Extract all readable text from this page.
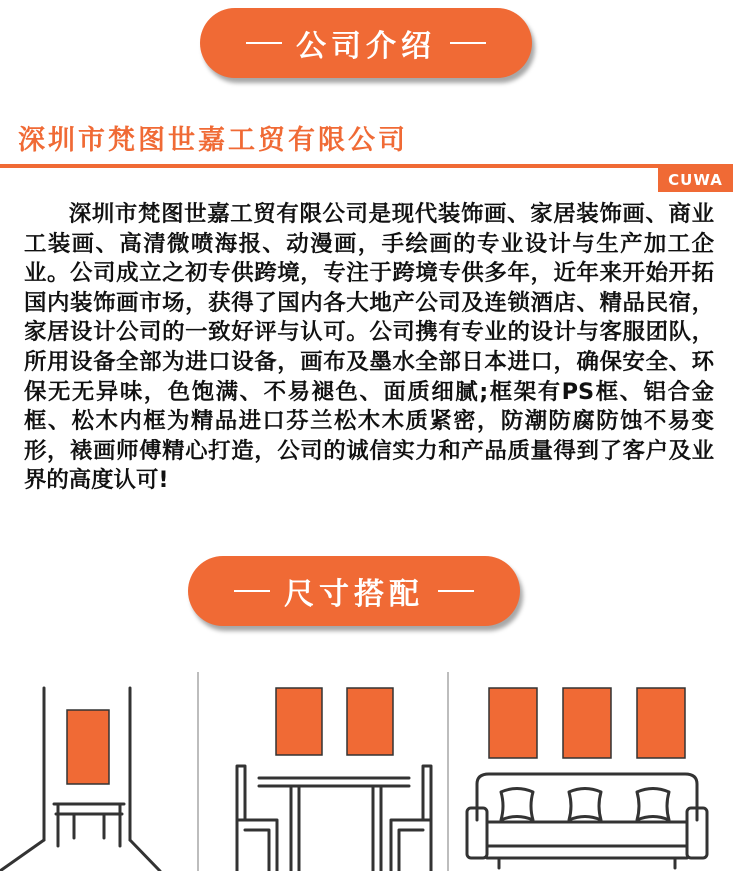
公司介绍
深圳市梵图世嘉工贸有限公司
CUWA

深圳市梵图世嘉工贸有限公司是现代装饰画、家居装饰画、商业工装画、高清微喷海报、动漫画，手绘画的专业设计与生产加工企业。公司成立之初专供跨境，专注于跨境专供多年，近年来开始开拓国内装饰画市场，获得了国内各大地产公司及连锁酒店、精品民宿，家居设计公司的一致好评与认可。公司携有专业的设计与客服团队，所用设备全部为进口设备，画布及墨水全部日本进口，确保安全、环保无无异味，色饱满、不易褪色、面质细腻;框架有PS框、铝合金框、松木内框为精品进口芬兰松木木质紧密，防潮防腐防蚀不易变形，裱画师傅精心打造，公司的诚信实力和产品质量得到了客户及业界的高度认可!

尺寸搭配
